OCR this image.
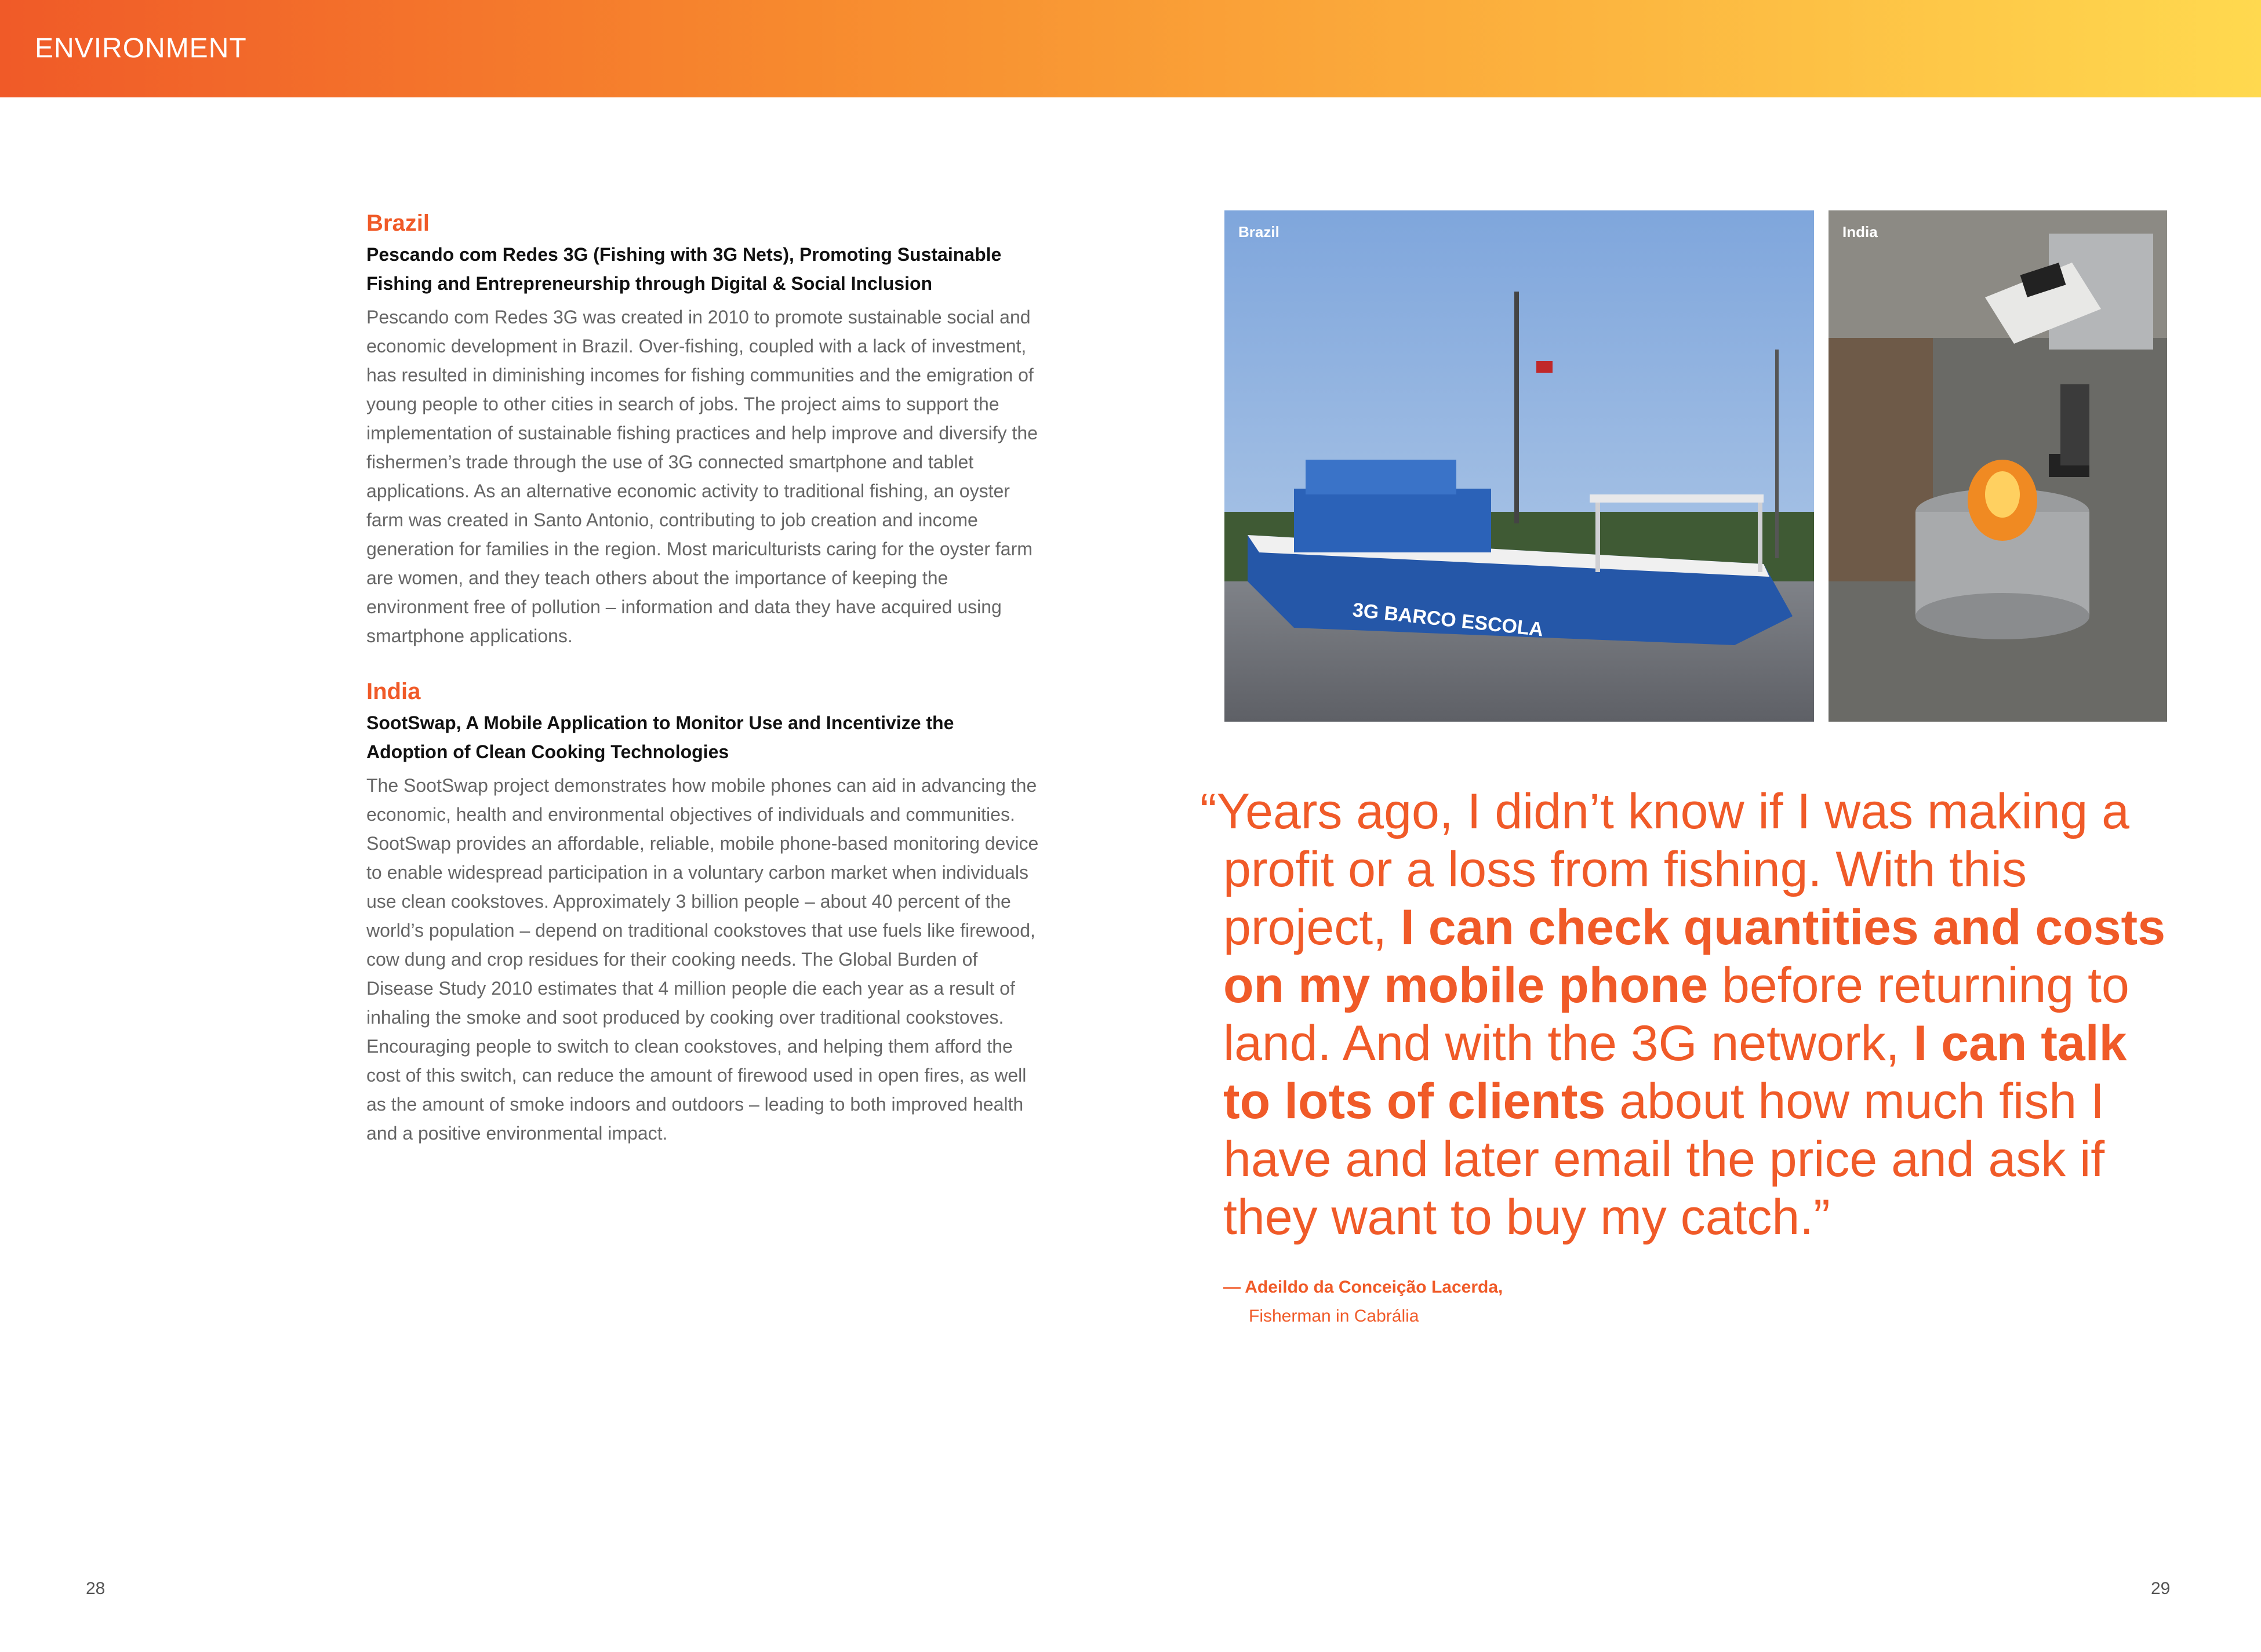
ENVIRONMENT
Brazil
Pescando com Redes 3G (Fishing with 3G Nets), Promoting Sustainable Fishing and Entrepreneurship through Digital & Social Inclusion
Pescando com Redes 3G was created in 2010 to promote sustainable social and economic development in Brazil. Over-fishing, coupled with a lack of investment, has resulted in diminishing incomes for fishing communities and the emigration of young people to other cities in search of jobs. The project aims to support the implementation of sustainable fishing practices and help improve and diversify the fishermen’s trade through the use of 3G connected smartphone and tablet applications. As an alternative economic activity to traditional fishing, an oyster farm was created in Santo Antonio, contributing to job creation and income generation for families in the region. Most mariculturists caring for the oyster farm are women, and they teach others about the importance of keeping the environment free of pollution – information and data they have acquired using smartphone applications.
India
SootSwap, A Mobile Application to Monitor Use and Incentivize the Adoption of Clean Cooking Technologies
The SootSwap project demonstrates how mobile phones can aid in advancing the economic, health and environmental objectives of individuals and communities. SootSwap provides an affordable, reliable, mobile phone-based monitoring device to enable widespread participation in a voluntary carbon market when individuals use clean cookstoves. Approximately 3 billion people – about 40 percent of the world’s population – depend on traditional cookstoves that use fuels like firewood, cow dung and crop residues for their cooking needs. The Global Burden of Disease Study 2010 estimates that 4 million people die each year as a result of inhaling the smoke and soot produced by cooking over traditional cookstoves. Encouraging people to switch to clean cookstoves, and helping them afford the cost of this switch, can reduce the amount of firewood used in open fires, as well as the amount of smoke indoors and outdoors – leading to both improved health and a positive environmental impact.
3G BARCO ESCOLA
Brazil	India
“Years ago, I didn’t know if I was making a profit or a loss from fishing. With this project, I can check quantities and costs on my mobile phone before returning to land. And with the 3G network, I can talk to lots of clients about how much fish I have and later email the price and ask if they want to buy my catch.”
— Adeildo da Conceição Lacerda,
Fisherman in Cabrália
28	29
